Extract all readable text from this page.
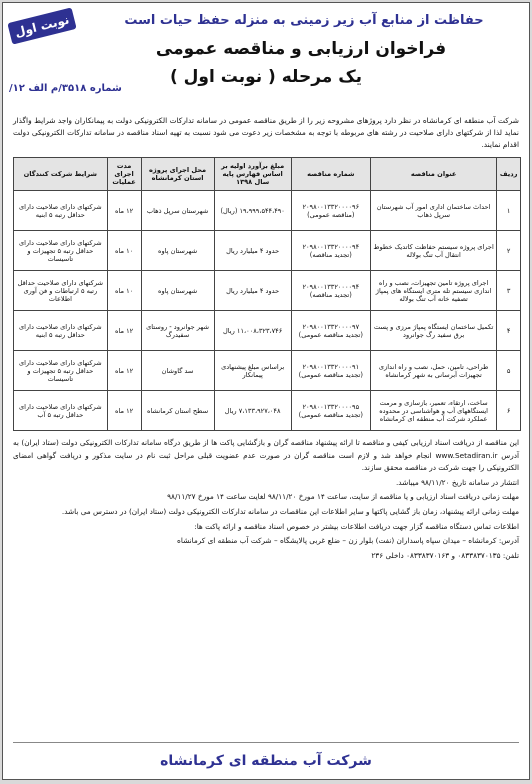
نوبت اول	حفاظت از منابع آب زیر زمینی به منزله حفظ حیات است
فراخوان ارزیابی و مناقصه عمومی
یک مرحله ( نوبت اول )
شماره ۳۵۱۸/م الف ۱۲/
شرکت آب منطقه ای کرمانشاه در نظر دارد پروژهای مشروحه زیر را از طریق مناقصه عمومی در سامانه تدارکات الکترونیکی دولت به پیمانکاران واجد شرایط واگذار نماید لذا از شرکتهای دارای صلاحیت در رشته های مربوطه با توجه به مشخصات زیر دعوت می شود نسبت به تهیه اسناد مناقصه در سامانه تدارکات الکترونیکی دولت اقدام نمایند.
ردیف	عنوان مناقصه	شماره مناقصه	مبلغ برآورد اولیه بر اساس فهارس پایه سال ۱۳۹۸	محل اجرای پروژه استان کرمانشاه	مدت اجرای عملیات	شرایط شرکت کنندگان
۱	احداث ساختمان اداری امور آب شهرستان سرپل ذهاب	۲۰۹۸۰۰۱۳۳۲۰۰۰۰۹۶ (مناقصه عمومی)	۱۹،۹۹۹،۵۴۴،۴۹۰ (ریال)	شهرستان سرپل ذهاب	۱۲ ماه	شرکتهای دارای صلاحیت دارای حداقل رتبه ۵ ابنیه
۲	اجرای پروژه سیستم حفاظت کاتدیک خطوط انتقال آب تنگ بولاله	۲۰۹۸۰۰۱۳۳۲۰۰۰۰۹۴ (تجدید مناقصه)	حدود ۴ میلیارد ریال	شهرستان پاوه	۱۰ ماه	شرکتهای دارای صلاحیت دارای حداقل رتبه ۵ تجهیزات و تاسیسات
۳	اجرای پروژه تامین تجهیزات، نصب و راه اندازی سیستم تله متری ایستگاه های پمپاژ تصفیه خانه آب تنگ بولاله	۲۰۹۸۰۰۱۳۳۲۰۰۰۰۹۴ (تجدید مناقصه)	حدود ۴ میلیارد ریال	شهرستان پاوه	۱۰ ماه	شرکتهای دارای صلاحیت حداقل رتبه ۵ ارتباطات و فن آوری اطلاعات
۴	تکمیل ساختمان ایستگاه پمپاژ مرزی و پست برق سفید رگ جوانرود	۲۰۹۸۰۰۱۳۳۲۰۰۰۰۹۷ (تجدید مناقصه عمومی)	۱۱،۰۰۸،۳۲۳،۷۴۶ ریال	شهر جوانرود - روستای سفیدرگ	۱۲ ماه	شرکتهای دارای صلاحیت دارای حداقل رتبه ۵ ابنیه
۵	طراحی، تامین، حمل، نصب و راه اندازی تجهیزات آبرسانی به شهر کرمانشاه	۲۰۹۸۰۰۱۳۳۲۰۰۰۰۹۱ (تجدید مناقصه عمومی)	براساس مبلغ پیشنهادی پیمانکار	سد گاوشان	۱۲ ماه	شرکتهای دارای صلاحیت دارای حداقل رتبه ۵ تجهیزات و تاسیسات
۶	ساخت، ارتقاء، تعمیر، بازسازی و مرمت ایستگاههای آب و هواشناسی در محدوده عملکرد شرکت آب منطقه ای کرمانشاه	۲۰۹۸۰۰۱۳۳۲۰۰۰۰۹۵ (تجدید مناقصه عمومی)	۷،۱۳۳،۹۲۷،۰۴۸ ریال	سطح استان کرمانشاه	۱۲ ماه	شرکتهای دارای صلاحیت دارای حداقل رتبه ۵ آب

این مناقصه از دریافت اسناد ارزیابی کیفی و مناقصه تا ارائه پیشنهاد مناقصه گران و بازگشایی پاکت ها از طریق درگاه سامانه تدارکات الکترونیکی دولت (ستاد ایران) به آدرس www.Setadiran.ir انجام خواهد شد و لازم است مناقصه گران در صورت عدم عضویت قبلی مراحل ثبت نام در سایت مذکور و دریافت گواهی امضای الکترونیکی را جهت شرکت در مناقصه محقق سازند.

انتشار در سامانه تاریخ ۹۸/۱۱/۲۰ میباشد.

مهلت زمانی دریافت اسناد ارزیابی و یا مناقصه از سایت، ساعت ۱۴ مورخ ۹۸/۱۱/۲۰ لغایت ساعت ۱۴ مورخ ۹۸/۱۱/۲۷

مهلت زمانی ارائه پیشنهاد، زمان باز گشایی پاکتها و سایر اطلاعات این مناقصات در سامانه تدارکات الکترونیکی دولت (ستاد ایران) در دسترس می باشد.

اطلاعات تماس دستگاه مناقصه گزار جهت دریافت اطلاعات بیشتر در خصوص اسناد مناقصه و ارائه پاکت ها:

آدرس: کرمانشاه – میدان سپاه پاسداران (نفت) بلوار زن – ضلع غربی پالایشگاه – شرکت آب منطقه ای کرمانشاه

تلفن: ۰۸۳۳۸۳۷۰۱۳۵ و ۰۸۳۳۸۳۷۰۱۶۳ داخلی ۲۳۶

شرکت آب منطقه ای کرمانشاه
